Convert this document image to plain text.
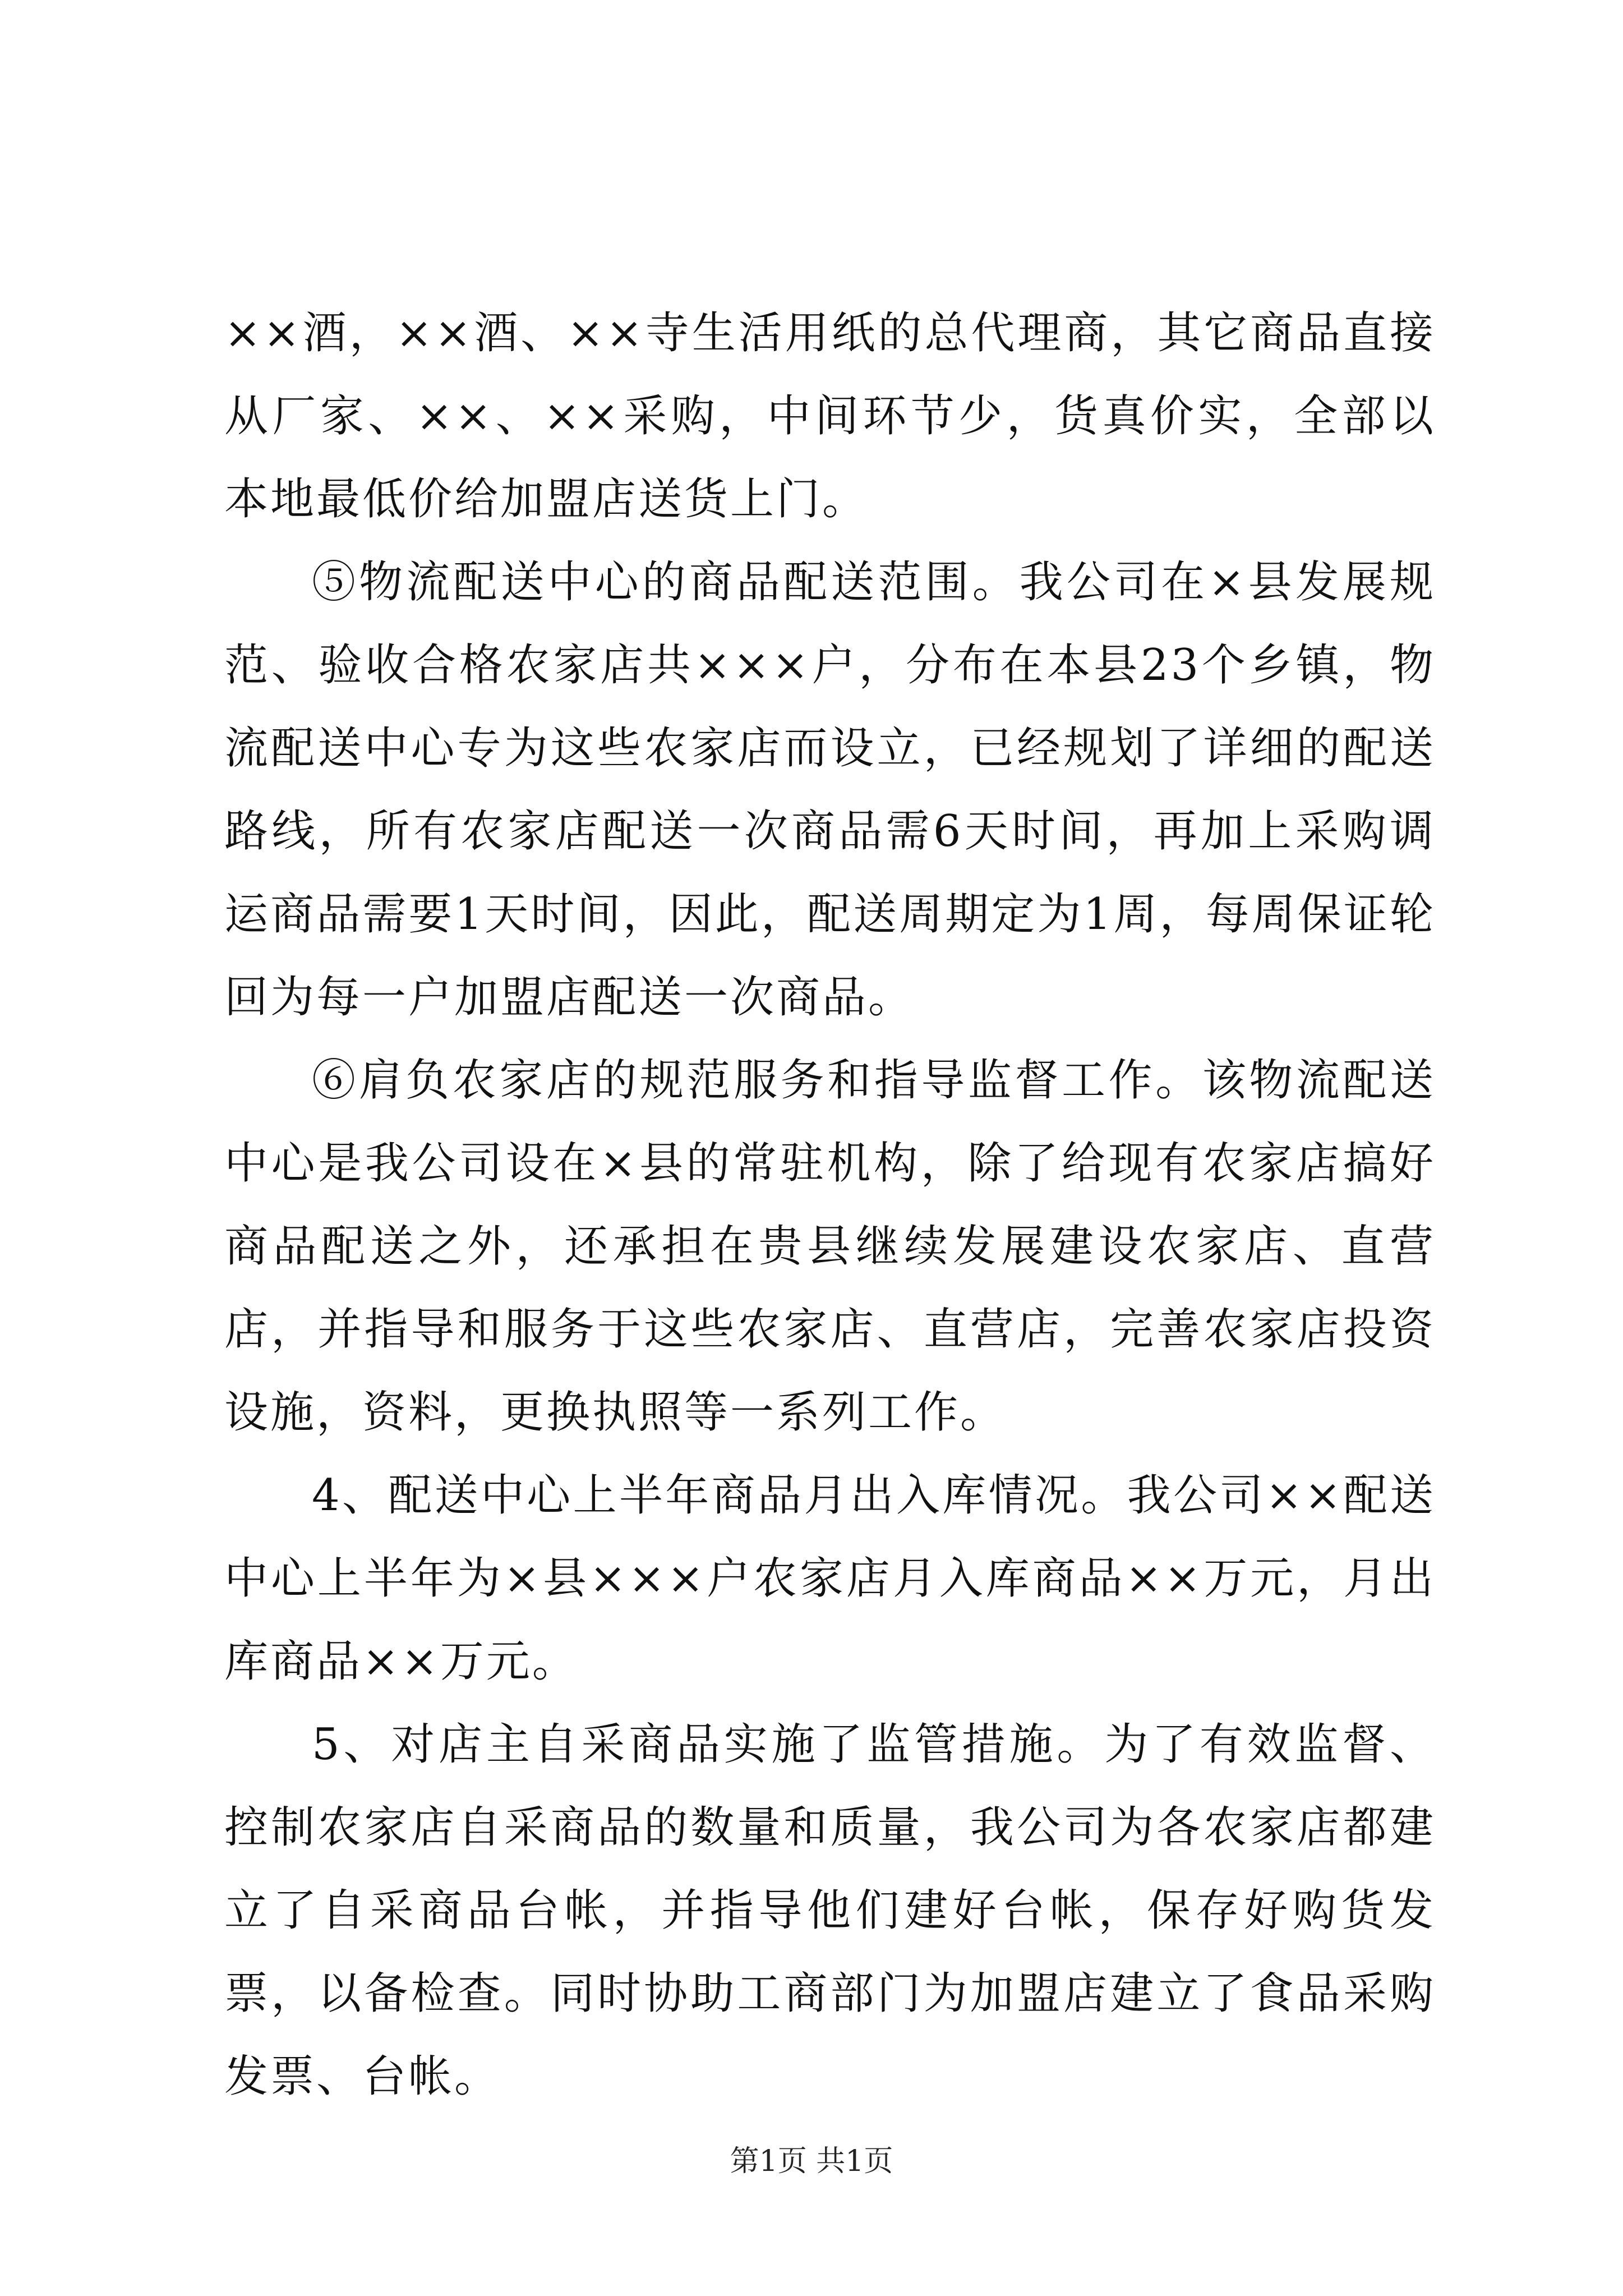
××酒，××酒、××寺生活用纸的总代理商，其它商品直接从厂家、××、××采购，中间环节少，货真价实，全部以本地最低价给加盟店送货上门。

⑤物流配送中心的商品配送范围。我公司在×县发展规范、验收合格农家店共×××户，分布在本县23个乡镇，物流配送中心专为这些农家店而设立，已经规划了详细的配送路线，所有农家店配送一次商品需6天时间，再加上采购调运商品需要1天时间，因此，配送周期定为1周，每周保证轮回为每一户加盟店配送一次商品。

⑥肩负农家店的规范服务和指导监督工作。该物流配送中心是我公司设在×县的常驻机构，除了给现有农家店搞好商品配送之外，还承担在贵县继续发展建设农家店、直营店，并指导和服务于这些农家店、直营店，完善农家店投资设施，资料，更换执照等一系列工作。

4、配送中心上半年商品月出入库情况。我公司××配送中心上半年为×县×××户农家店月入库商品××万元，月出库商品××万元。

5、对店主自采商品实施了监管措施。为了有效监督、控制农家店自采商品的数量和质量，我公司为各农家店都建立了自采商品台帐，并指导他们建好台帐，保存好购货发票，以备检查。同时协助工商部门为加盟店建立了食品采购发票、台帐。

第1页 共1页
